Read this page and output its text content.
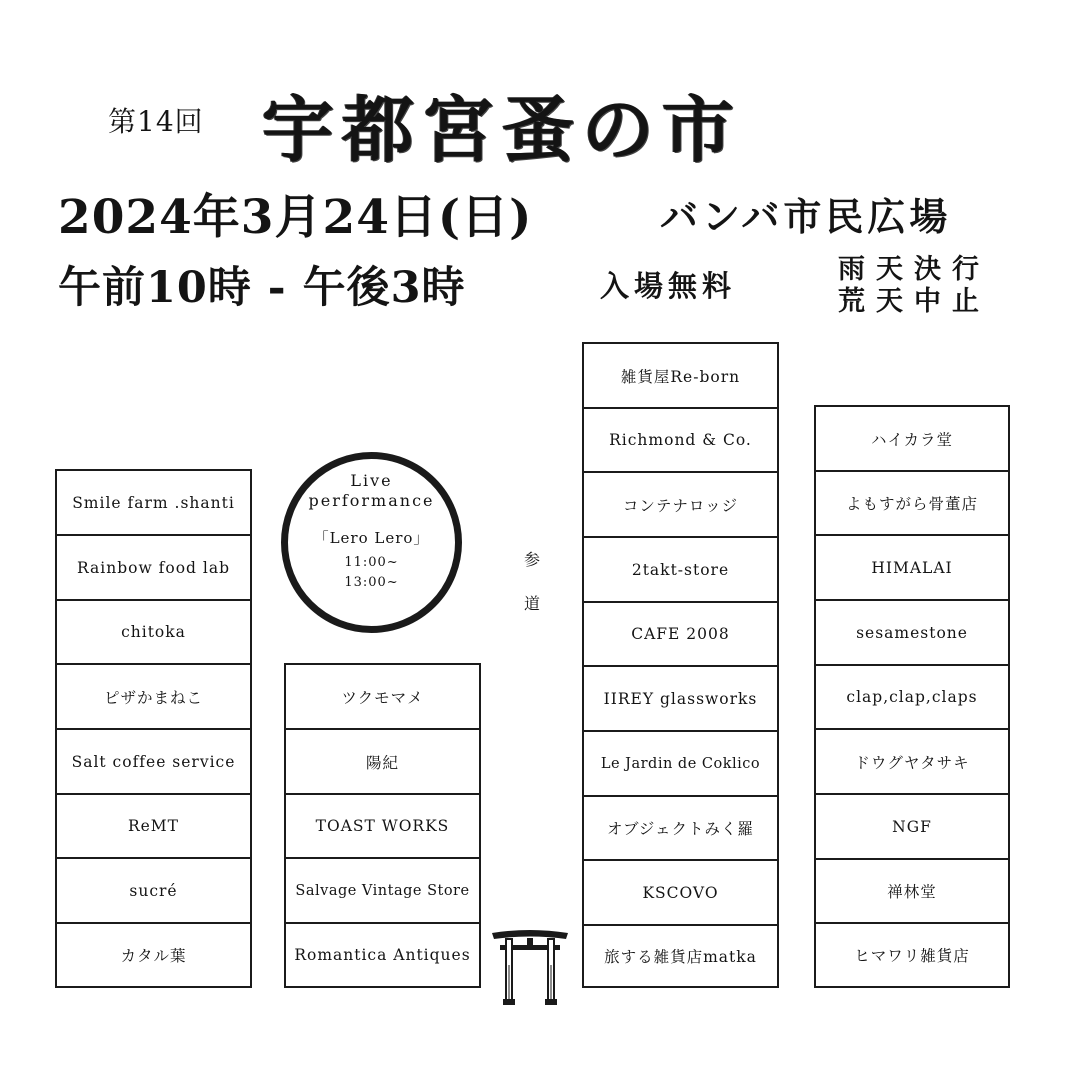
第14回 宇都宮蚤の市
2024年3月24日(日)	バンバ市民広場
午前10時 - 午後3時	入場無料	雨天決行
荒天中止
Smile farm .shanti
Rainbow food lab
chitoka
ピザかまねこ
Salt coffee service
ReMT
sucré
カタル葉
Live
performance
「Lero Lero」
11:00~
13:00~
ツクモマメ
陽紀
TOAST WORKS
Salvage Vintage Store
Romantica Antiques
参
道
雑貨屋Re-born
Richmond & Co.
コンテナロッジ
2takt-store
CAFE 2008
IIREY glassworks
Le Jardin de Coklico
オブジェクトみく羅
KSCOVO
旅する雑貨店matka
ハイカラ堂
よもすがら骨董店
HIMALAI
sesamestone
clap,clap,claps
ドウグヤタサキ
NGF
禅林堂
ヒマワリ雑貨店
